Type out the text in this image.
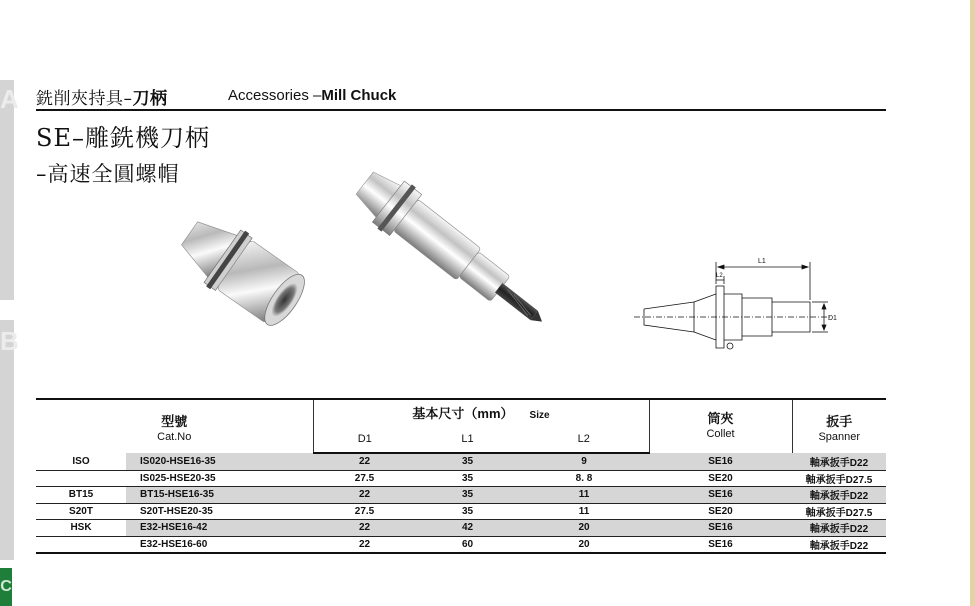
A
B
C
銑削夾持具–刀柄	Accessories –Mill Chuck
SE–雕銑機刀柄
–高速全圓螺帽
L1
L2
D1
型號
Cat.No		基本尺寸（mm） Size			筒夾
Collet	扳手
Spanner

		D1	L1	L2		
ISO	IS020-HSE16-35	22	35	9	SE16	軸承扳手D22
	IS025-HSE20-35	27.5	35	8. 8	SE20	軸承扳手D27.5
BT15	BT15-HSE16-35	22	35	11	SE16	軸承扳手D22
S20T	S20T-HSE20-35	27.5	35	11	SE20	軸承扳手D27.5
HSK	E32-HSE16-42	22	42	20	SE16	軸承扳手D22
	E32-HSE16-60	22	60	20	SE16	軸承扳手D22
